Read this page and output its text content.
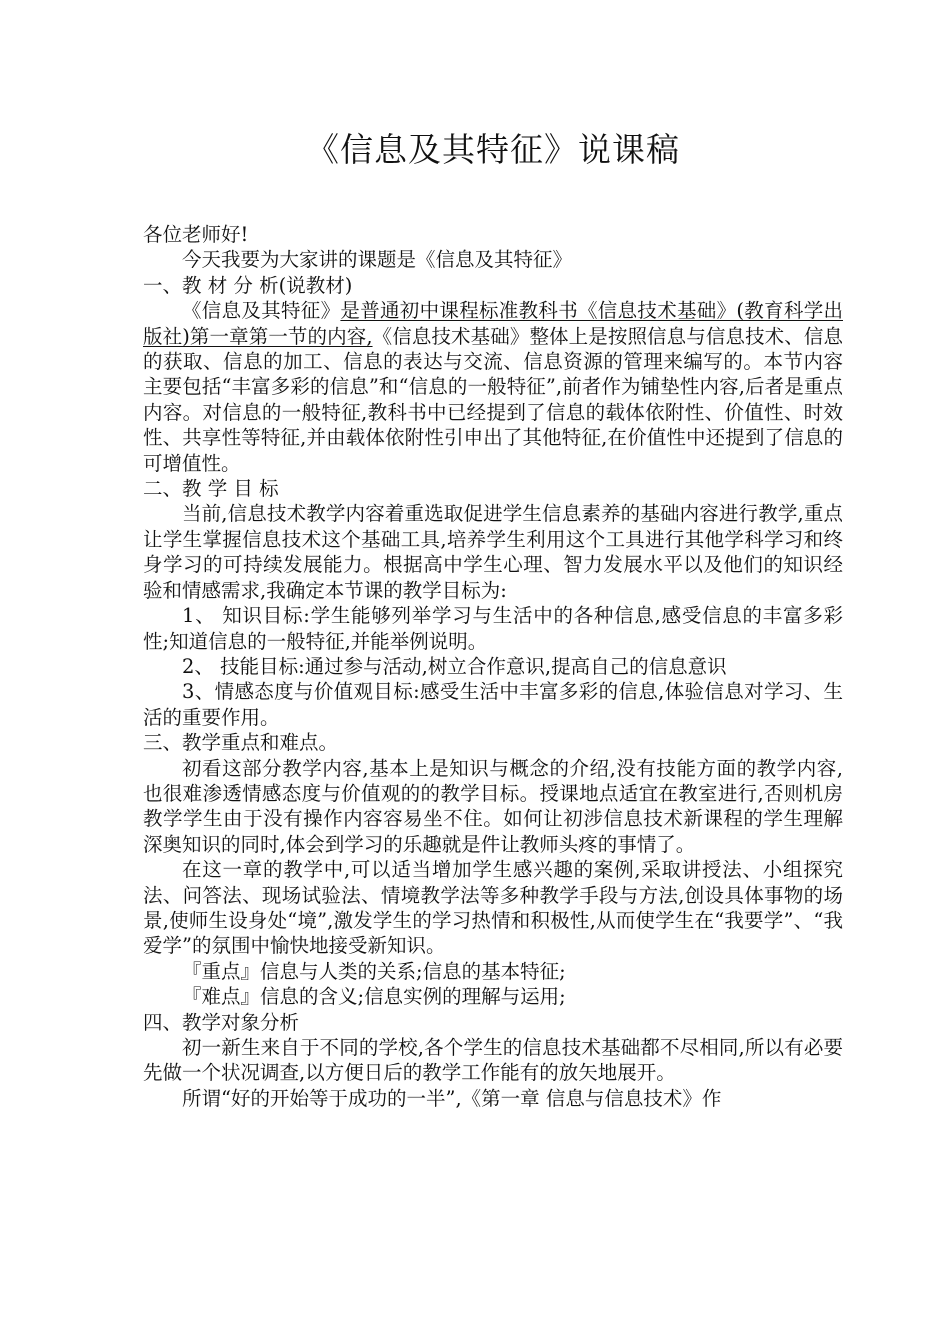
《信息及其特征》说课稿

各位老师好!

今天我要为大家讲的课题是《信息及其特征》

一、教 材 分 析(说教材)

《信息及其特征》是普通初中课程标准教科书《信息技术基础》(教育科学出版社)第一章第一节的内容,《信息技术基础》整体上是按照信息与信息技术、信息的获取、信息的加工、信息的表达与交流、信息资源的管理来编写的。本节内容主要包括“丰富多彩的信息”和“信息的一般特征”,前者作为铺垫性内容,后者是重点内容。对信息的一般特征,教科书中已经提到了信息的载体依附性、价值性、时效性、共享性等特征,并由载体依附性引申出了其他特征,在价值性中还提到了信息的可增值性。

二、教 学 目 标

当前,信息技术教学内容着重选取促进学生信息素养的基础内容进行教学,重点让学生掌握信息技术这个基础工具,培养学生利用这个工具进行其他学科学习和终身学习的可持续发展能力。根据高中学生心理、智力发展水平以及他们的知识经验和情感需求,我确定本节课的教学目标为:

1、 知识目标:学生能够列举学习与生活中的各种信息,感受信息的丰富多彩性;知道信息的一般特征,并能举例说明。

2、 技能目标:通过参与活动,树立合作意识,提高自己的信息意识

3、情感态度与价值观目标:感受生活中丰富多彩的信息,体验信息对学习、生活的重要作用。

三、教学重点和难点。

初看这部分教学内容,基本上是知识与概念的介绍,没有技能方面的教学内容,也很难渗透情感态度与价值观的的教学目标。授课地点适宜在教室进行,否则机房教学学生由于没有操作内容容易坐不住。如何让初涉信息技术新课程的学生理解深奥知识的同时,体会到学习的乐趣就是件让教师头疼的事情了。

在这一章的教学中,可以适当增加学生感兴趣的案例,采取讲授法、小组探究法、问答法、现场试验法、情境教学法等多种教学手段与方法,创设具体事物的场景,使师生设身处“境”,激发学生的学习热情和积极性,从而使学生在“我要学”、“我爱学”的氛围中愉快地接受新知识。

『重点』信息与人类的关系;信息的基本特征;

『难点』信息的含义;信息实例的理解与运用;

四、教学对象分析

初一新生来自于不同的学校,各个学生的信息技术基础都不尽相同,所以有必要先做一个状况调查,以方便日后的教学工作能有的放矢地展开。

所谓“好的开始等于成功的一半”,《第一章 信息与信息技术》作
